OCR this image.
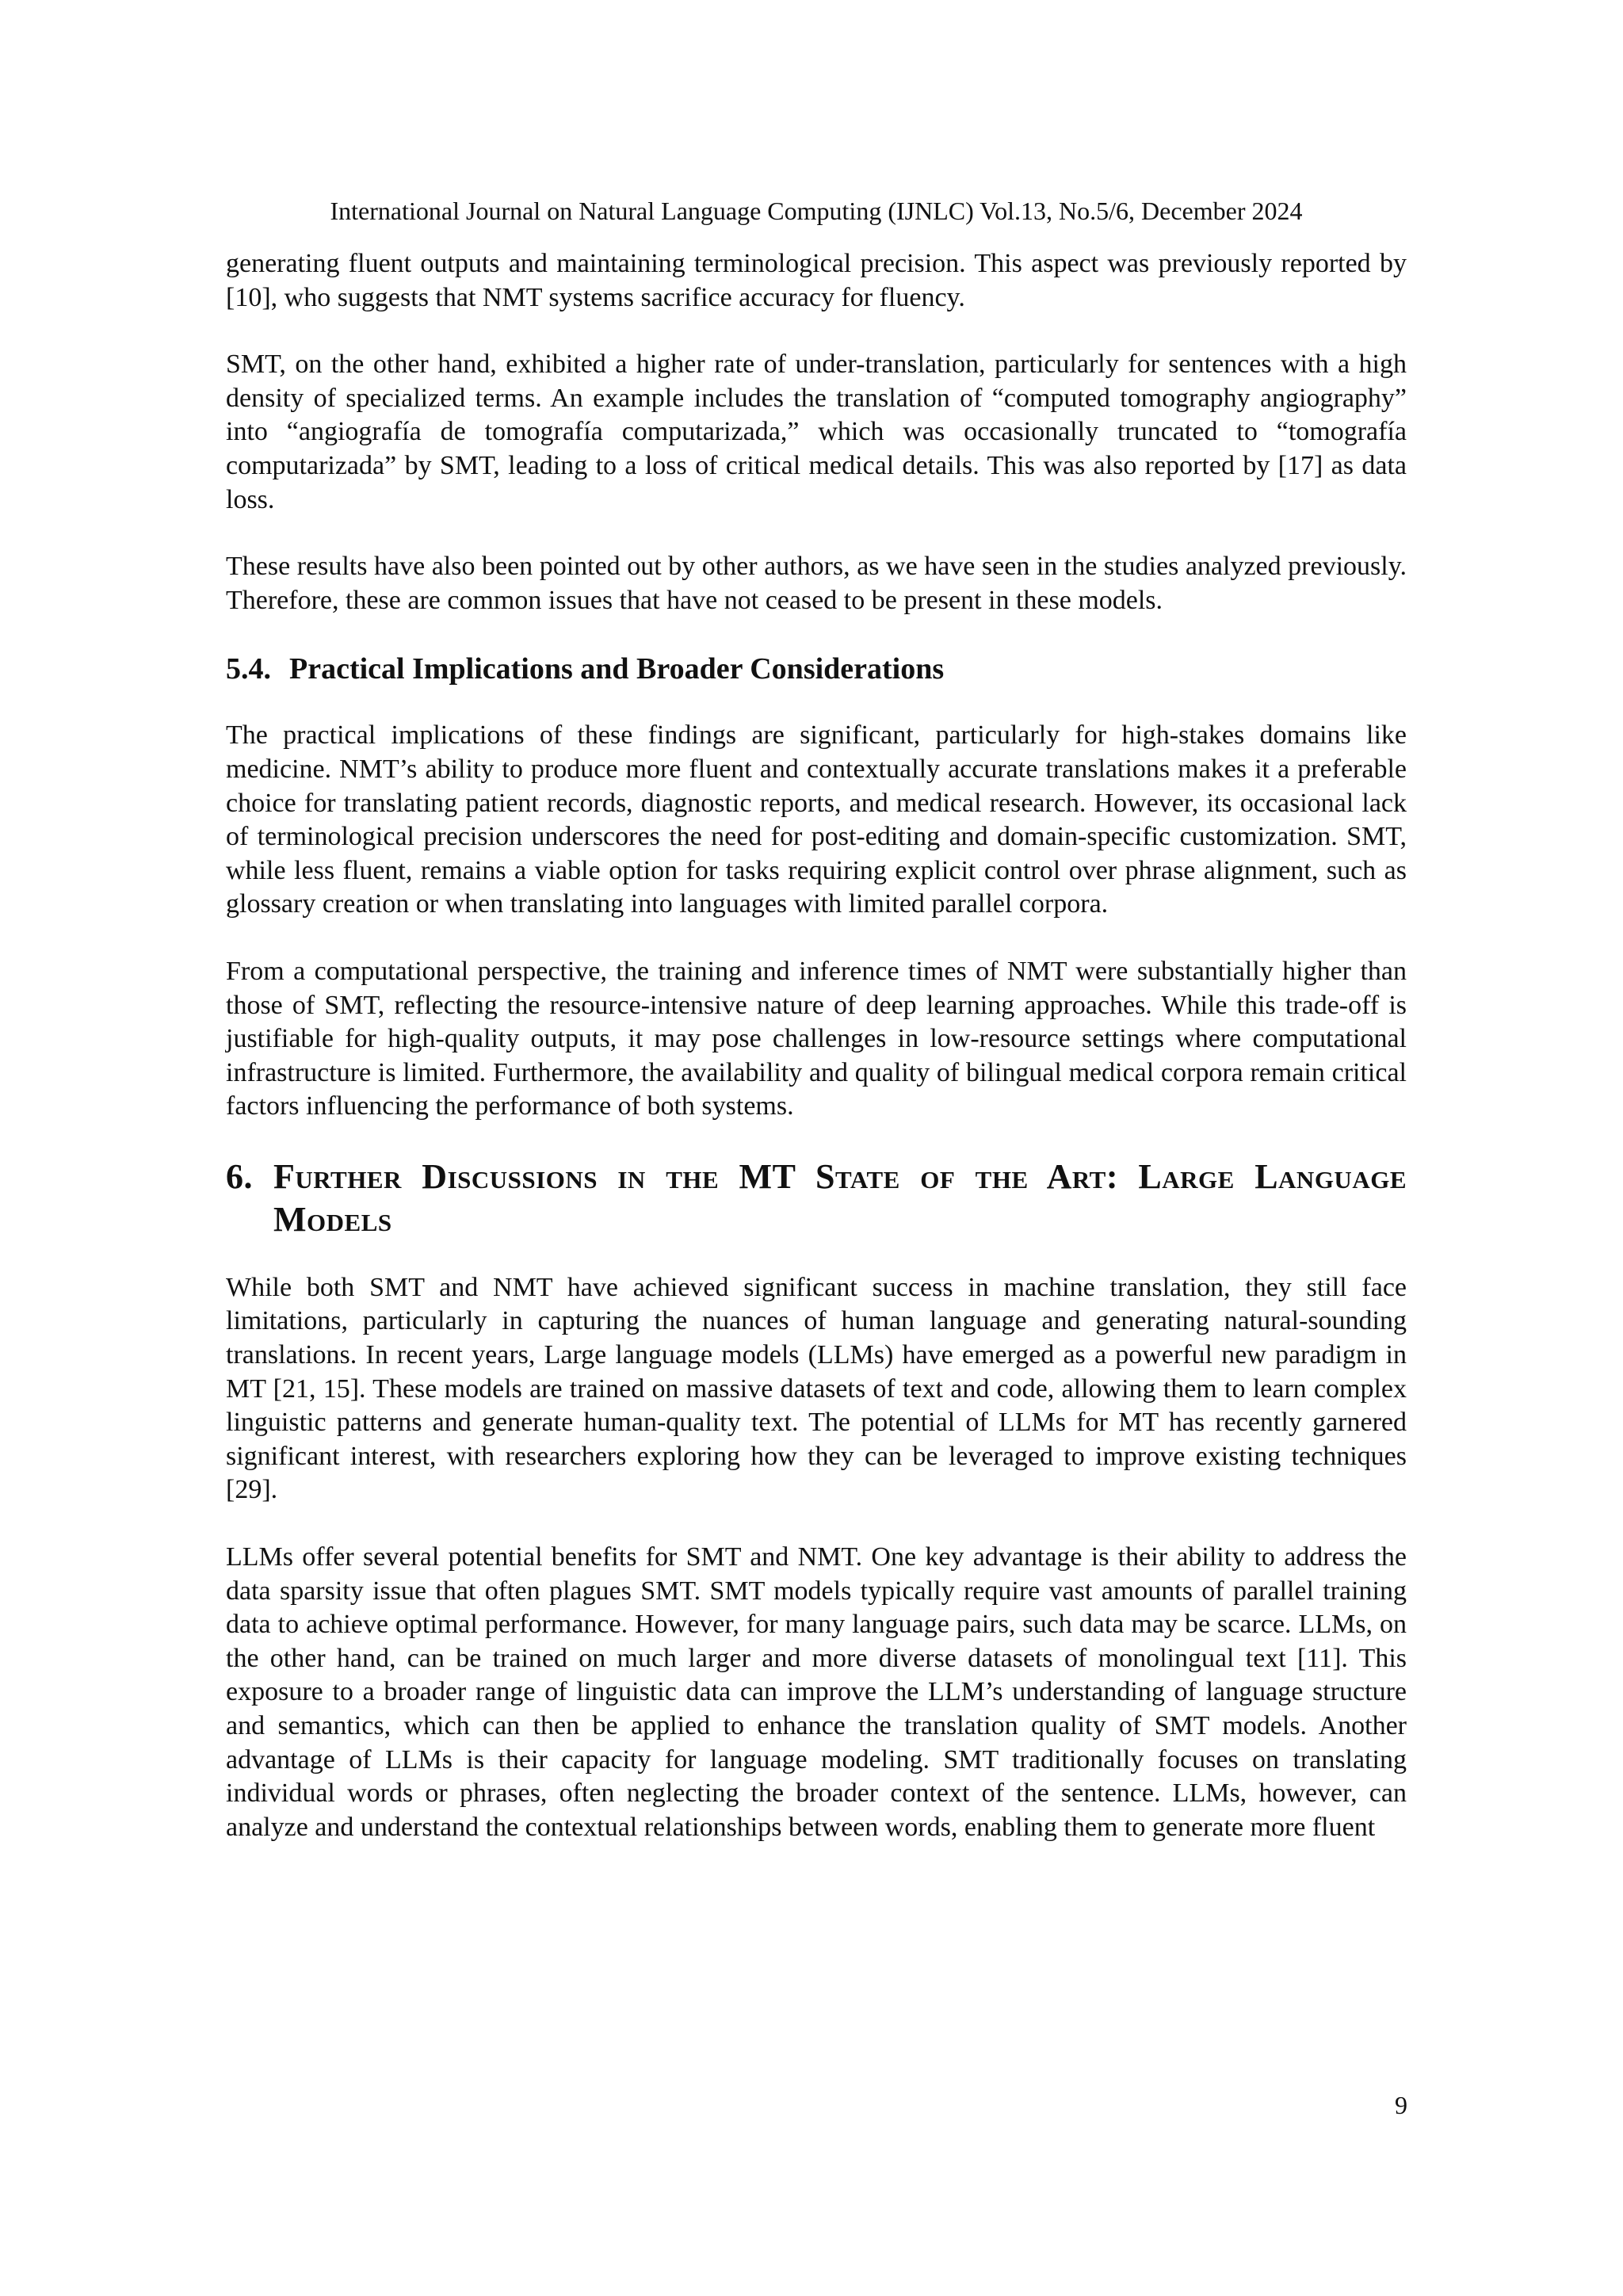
International Journal on Natural Language Computing (IJNLC) Vol.13, No.5/6, December 2024

generating fluent outputs and maintaining terminological precision. This aspect was previously reported by [10], who suggests that NMT systems sacrifice accuracy for fluency.

SMT, on the other hand, exhibited a higher rate of under-translation, particularly for sentences with a high density of specialized terms. An example includes the translation of “computed tomography angiography” into “angiografía de tomografía computarizada,” which was occasionally truncated to “tomografía computarizada” by SMT, leading to a loss of critical medical details. This was also reported by [17] as data loss.

These results have also been pointed out by other authors, as we have seen in the studies analyzed previously. Therefore, these are common issues that have not ceased to be present in these models.

5.4. Practical Implications and Broader Considerations

The practical implications of these findings are significant, particularly for high-stakes domains like medicine. NMT’s ability to produce more fluent and contextually accurate translations makes it a preferable choice for translating patient records, diagnostic reports, and medical research. However, its occasional lack of terminological precision underscores the need for post-editing and domain-specific customization. SMT, while less fluent, remains a viable option for tasks requiring explicit control over phrase alignment, such as glossary creation or when translating into languages with limited parallel corpora.

From a computational perspective, the training and inference times of NMT were substantially higher than those of SMT, reflecting the resource-intensive nature of deep learning approaches. While this trade-off is justifiable for high-quality outputs, it may pose challenges in low-resource settings where computational infrastructure is limited. Furthermore, the availability and quality of bilingual medical corpora remain critical factors influencing the performance of both systems.

6. Further Discussions in the MT State of the Art: Large Language Models

While both SMT and NMT have achieved significant success in machine translation, they still face limitations, particularly in capturing the nuances of human language and generating natural-sounding translations. In recent years, Large language models (LLMs) have emerged as a powerful new paradigm in MT [21, 15]. These models are trained on massive datasets of text and code, allowing them to learn complex linguistic patterns and generate human-quality text. The potential of LLMs for MT has recently garnered significant interest, with researchers exploring how they can be leveraged to improve existing techniques [29].

LLMs offer several potential benefits for SMT and NMT. One key advantage is their ability to address the data sparsity issue that often plagues SMT. SMT models typically require vast amounts of parallel training data to achieve optimal performance. However, for many language pairs, such data may be scarce. LLMs, on the other hand, can be trained on much larger and more diverse datasets of monolingual text [11]. This exposure to a broader range of linguistic data can improve the LLM’s understanding of language structure and semantics, which can then be applied to enhance the translation quality of SMT models. Another advantage of LLMs is their capacity for language modeling. SMT traditionally focuses on translating individual words or phrases, often neglecting the broader context of the sentence. LLMs, however, can analyze and understand the contextual relationships between words, enabling them to generate more fluent

9
